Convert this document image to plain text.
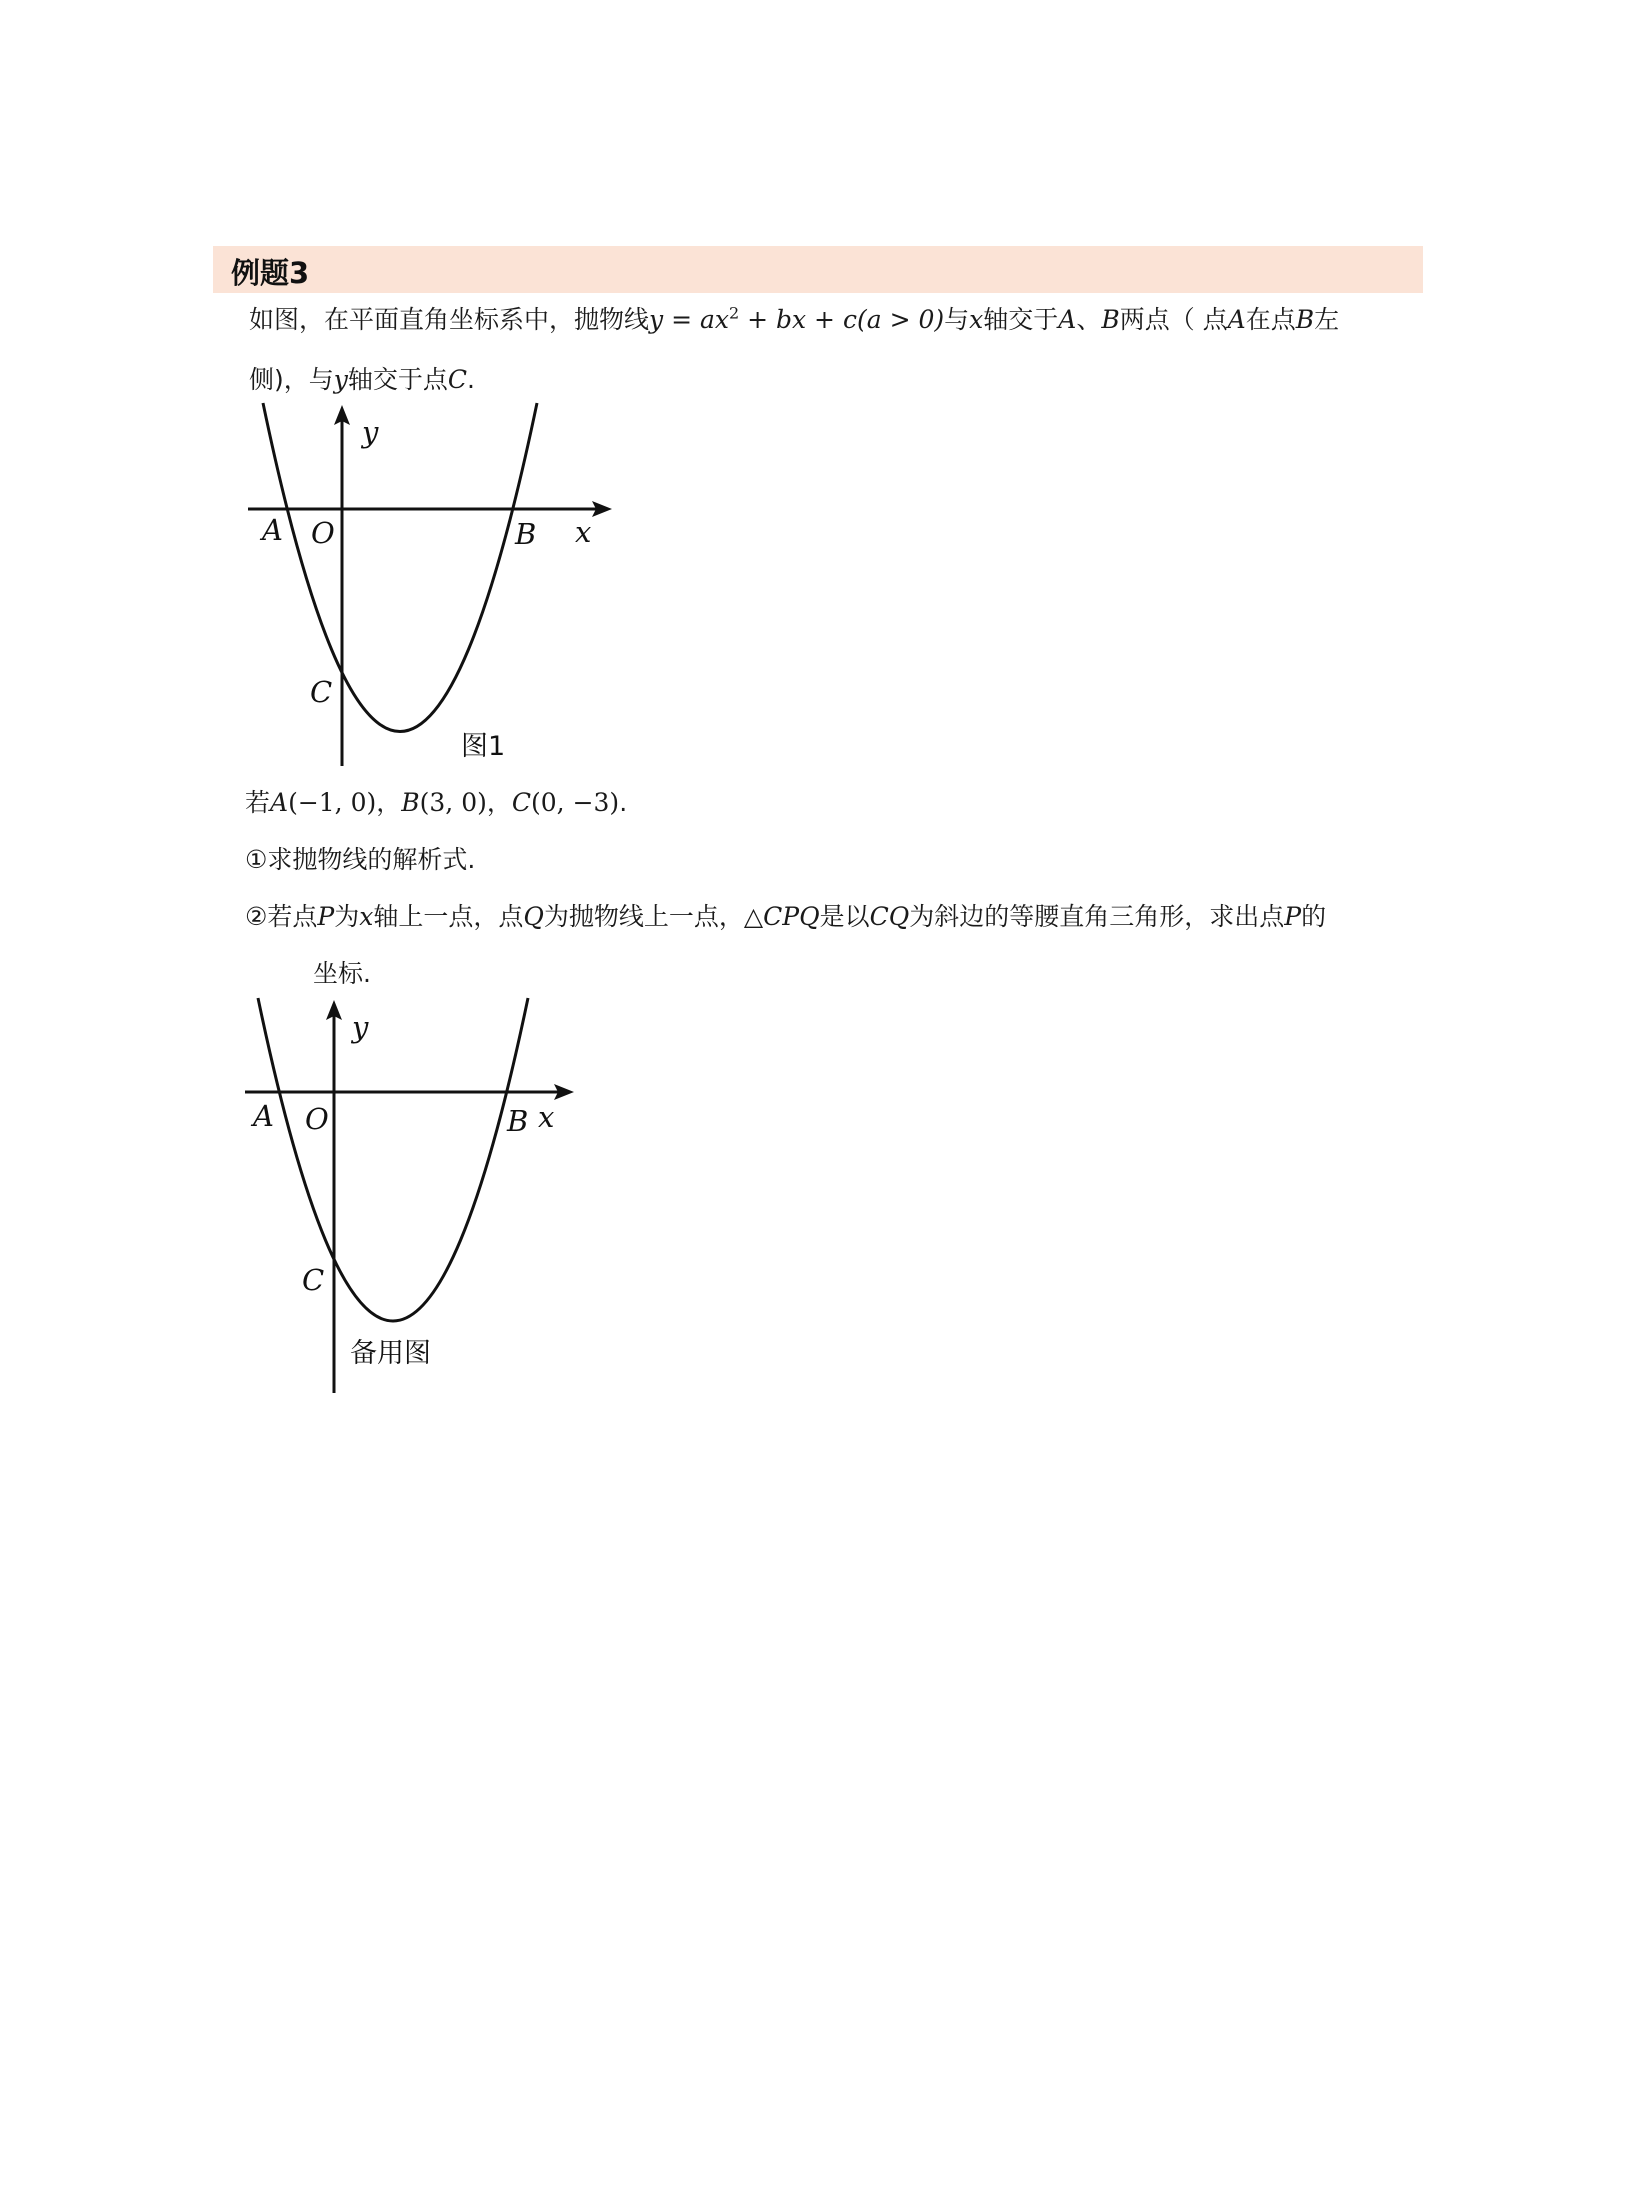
例题3
如图，在平面直角坐标系中，抛物线$y = ax^2$ + bx + c(a > 0)与x轴交于A、B两点（ 点A在点B左
侧)，与y轴交于点C.
y
x
A O	B
C
图1
若A(−1, 0)，B(3, 0)，C(0, −3).
①求抛物线的解析式.
②若点P为x轴上一点，点Q为抛物线上一点，△CPQ是以CQ为斜边的等腰直角三角形，求出点P的
坐标.
y
x
A O	B
C
备用图
